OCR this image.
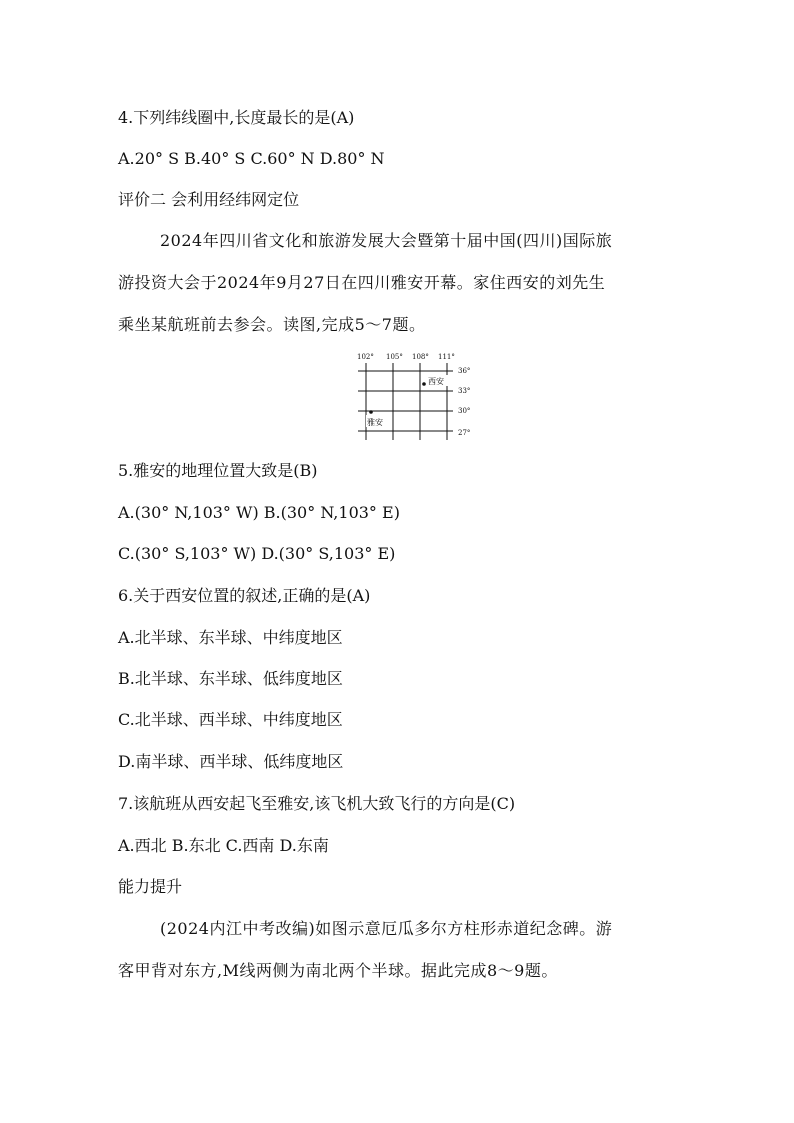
4.下列纬线圈中,长度最长的是(A)
A.20° S B.40° S C.60° N D.80° N
评价二 会利用经纬网定位
2024年四川省文化和旅游发展大会暨第十届中国(四川)国际旅
游投资大会于2024年9月27日在四川雅安开幕。家住西安的刘先生
乘坐某航班前去参会。读图,完成5～7题。
102° 105° 108° 111°
36°
33°
30°
27°
西安
雅安
5.雅安的地理位置大致是(B)
A.(30° N,103° W) B.(30° N,103° E)
C.(30° S,103° W) D.(30° S,103° E)
6.关于西安位置的叙述,正确的是(A)
A.北半球、东半球、中纬度地区
B.北半球、东半球、低纬度地区
C.北半球、西半球、中纬度地区
D.南半球、西半球、低纬度地区
7.该航班从西安起飞至雅安,该飞机大致飞行的方向是(C)
A.西北 B.东北 C.西南 D.东南
能力提升
(2024内江中考改编)如图示意厄瓜多尔方柱形赤道纪念碑。游
客甲背对东方,M线两侧为南北两个半球。据此完成8～9题。
